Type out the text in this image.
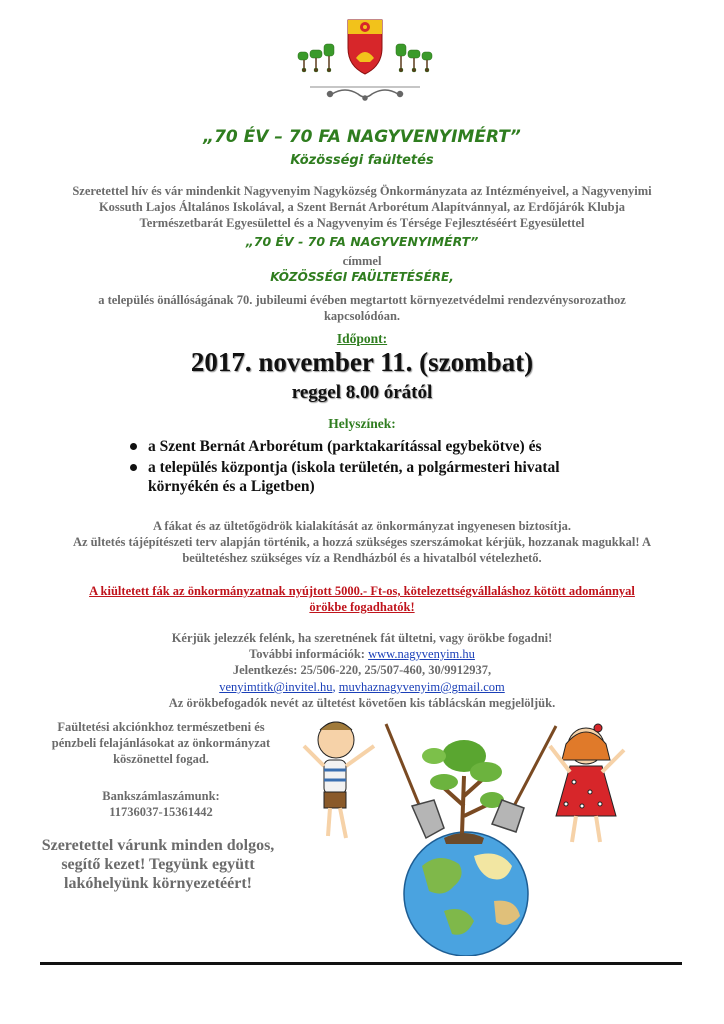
„70 ÉV – 70 FA NAGYVENYIMÉRT”
Közösségi faültetés
Szeretettel hív és vár mindenkit Nagyvenyim Nagyközség Önkormányzata az Intézményeivel, a Nagyvenyimi Kossuth Lajos Általános Iskolával, a Szent Bernát Arborétum Alapítvánnyal, az Erdőjárók Klubja Természetbarát Egyesülettel és a Nagyvenyim és Térsége Fejlesztéséért Egyesülettel
„70 ÉV - 70 FA NAGYVENYIMÉRT”
címmel
KÖZÖSSÉGI FAÜLTETÉSÉRE,
a település önállóságának 70. jubileumi évében megtartott környezetvédelmi rendezvénysorozathoz kapcsolódóan.
Időpont:
2017. november 11. (szombat)
reggel 8.00 órától
Helyszínek:
a Szent Bernát Arborétum (parktakarítással egybekötve) és
a település központja (iskola területén, a polgármesteri hivatal környékén és a Ligetben)
A fákat és az ültetőgödrök kialakítását az önkormányzat ingyenesen biztosítja.
Az ültetés tájépítészeti terv alapján történik, a hozzá szükséges szerszámokat kérjük, hozzanak magukkal! A beültetéshez szükséges víz a Rendházból és a hivatalból vételezhető.
A kiültetett fák az önkormányzatnak nyújtott 5000.- Ft-os, kötelezettségvállaláshoz kötött adománnyal örökbe fogadhatók!
Kérjük jelezzék felénk, ha szeretnének fát ültetni, vagy örökbe fogadni!
További információk: www.nagyvenyim.hu
Jelentkezés: 25/506-220, 25/507-460, 30/9912937,
venyimtitk@invitel.hu, muvhaznagyvenyim@gmail.com
Az örökbefogadók nevét az ültetést követően kis táblácskán megjelöljük.
Faültetési akciónkhoz természetbeni és pénzbeli felajánlásokat az önkormányzat köszönettel fogad.
Bankszámlaszámunk:
11736037-15361442
Szeretettel várunk minden dolgos, segítő kezet! Tegyünk együtt lakóhelyünk környezetéért!
